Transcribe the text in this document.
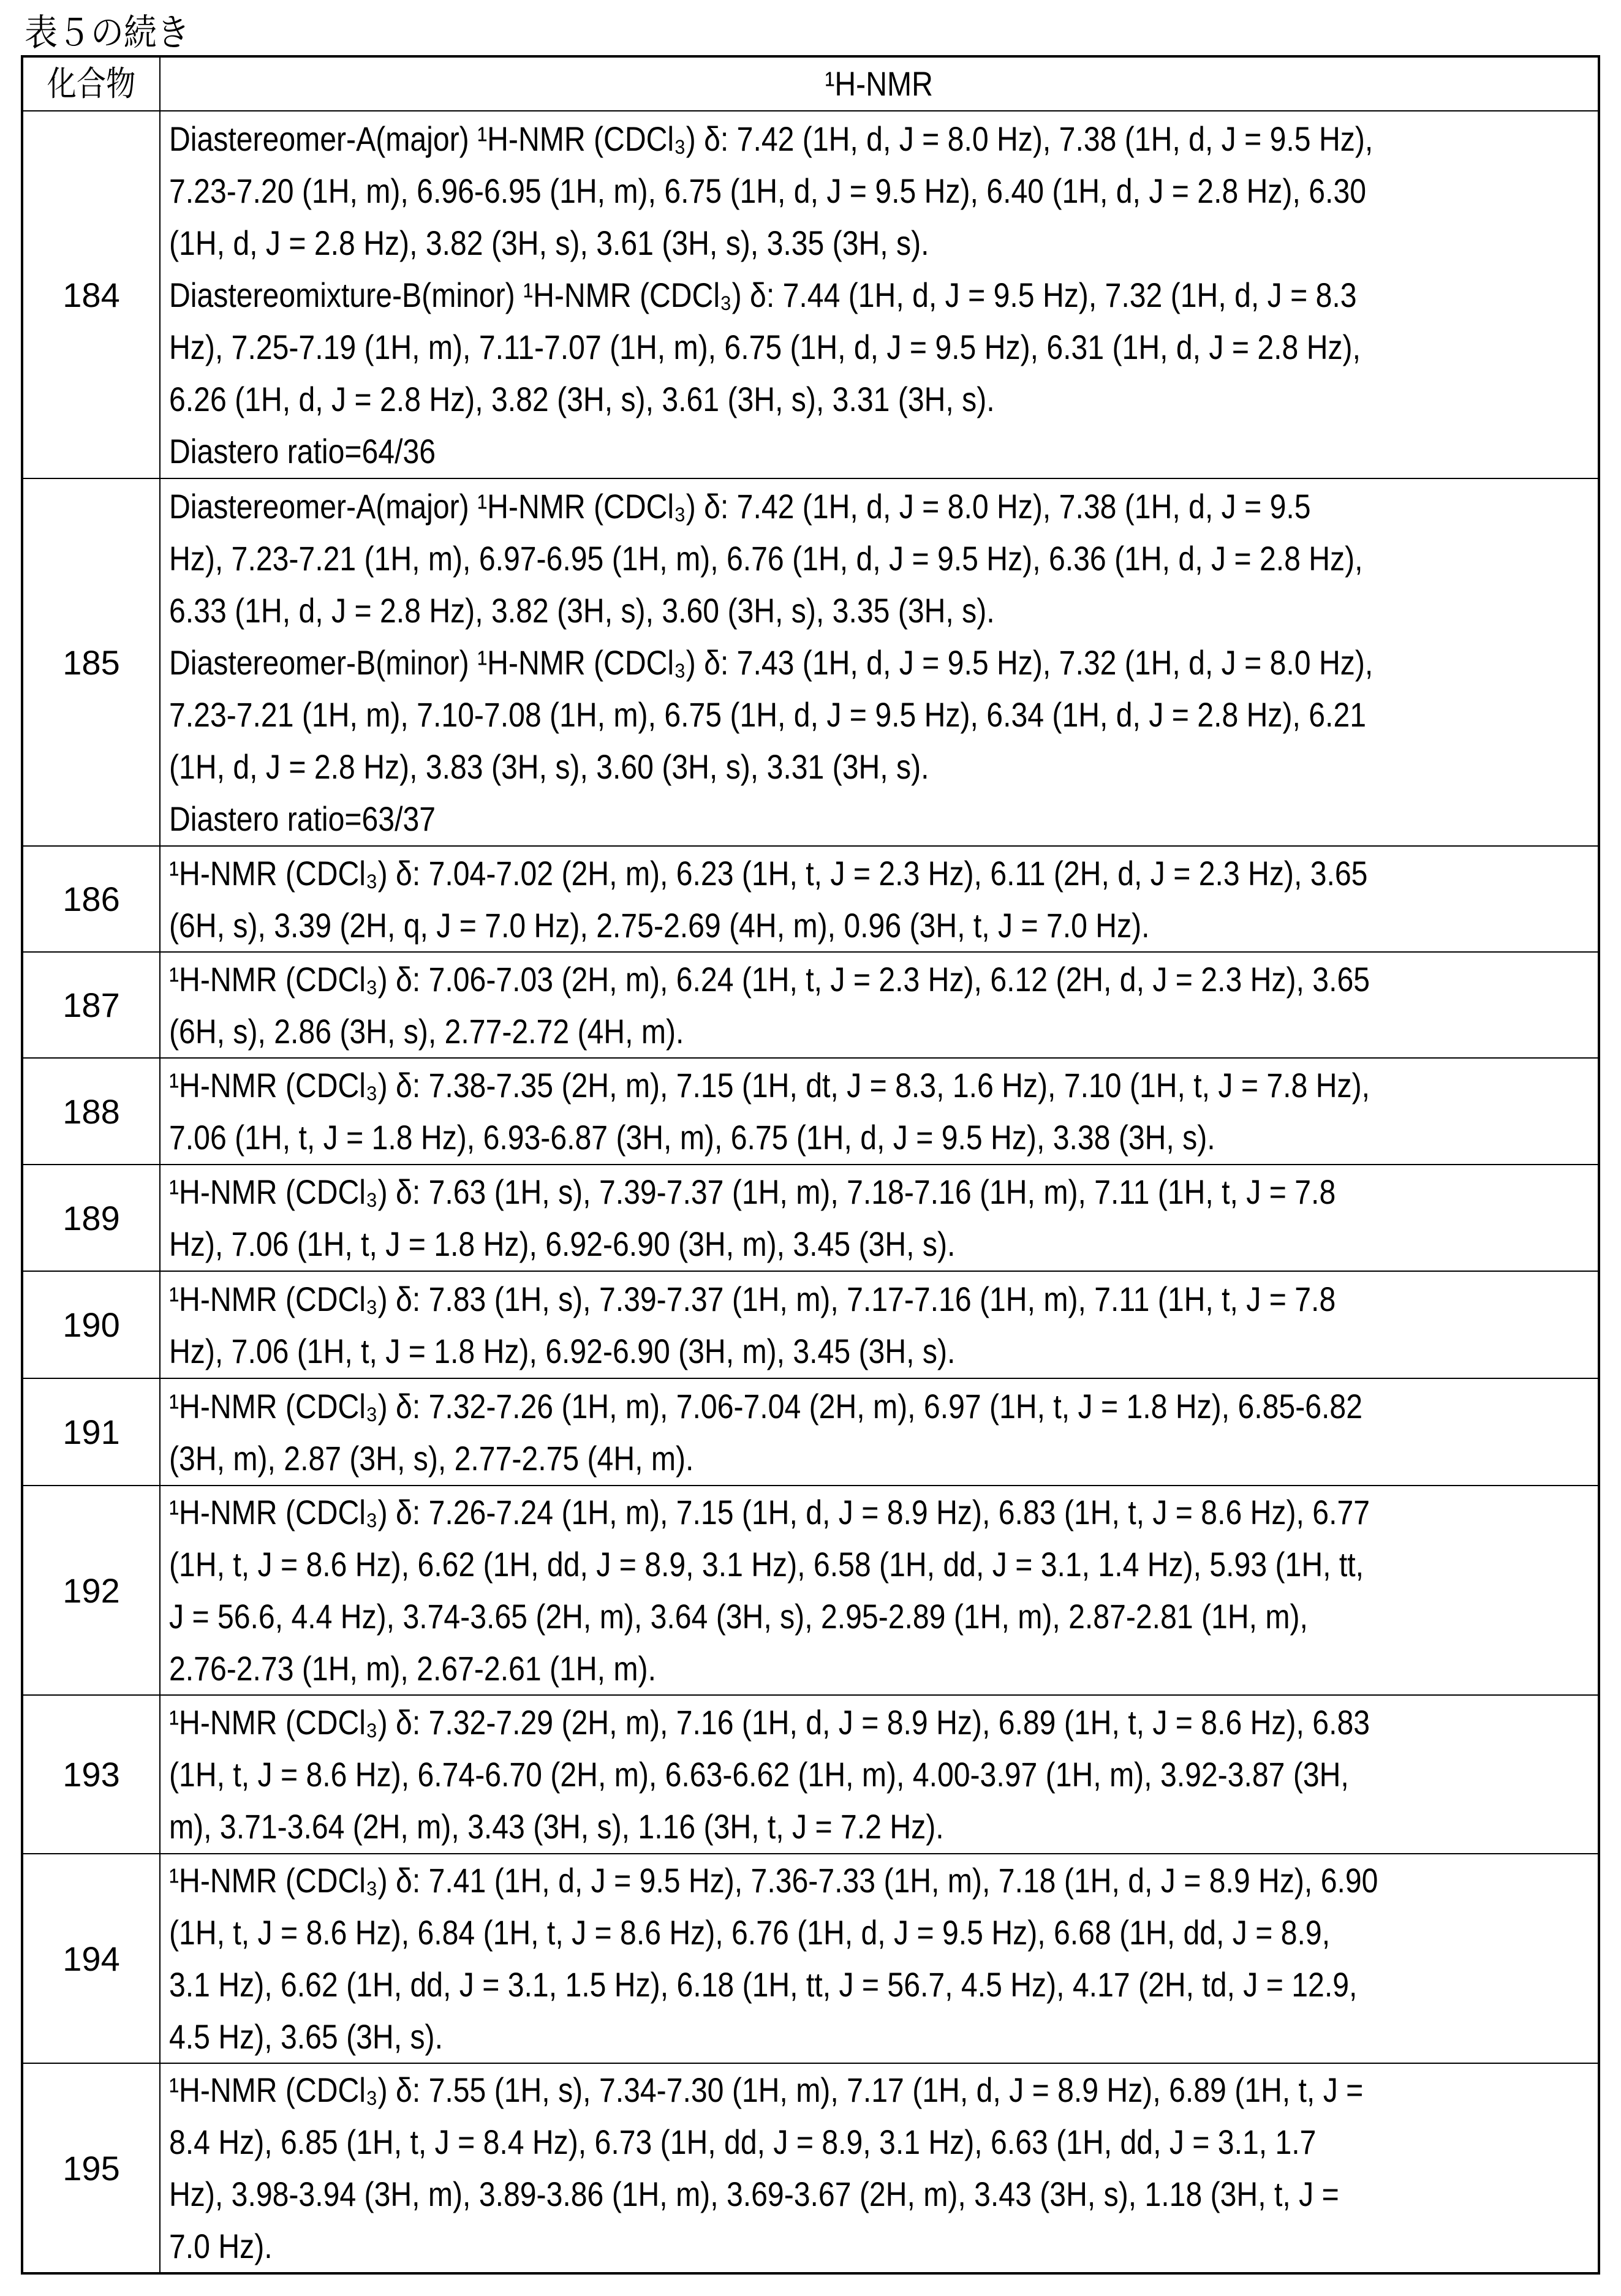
表５の続き
化合物	¹H-NMR
184	
Diastereomer-A(major) ¹H-NMR (CDCl₃) δ: 7.42 (1H, d, J = 8.0 Hz), 7.38 (1H, d, J = 9.5 Hz),
7.23-7.20 (1H, m), 6.96-6.95 (1H, m), 6.75 (1H, d, J = 9.5 Hz), 6.40 (1H, d, J = 2.8 Hz), 6.30
(1H, d, J = 2.8 Hz), 3.82 (3H, s), 3.61 (3H, s), 3.35 (3H, s).
Diastereomixture-B(minor) ¹H-NMR (CDCl₃) δ: 7.44 (1H, d, J = 9.5 Hz), 7.32 (1H, d, J = 8.3
Hz), 7.25-7.19 (1H, m), 7.11-7.07 (1H, m), 6.75 (1H, d, J = 9.5 Hz), 6.31 (1H, d, J = 2.8 Hz),
6.26 (1H, d, J = 2.8 Hz), 3.82 (3H, s), 3.61 (3H, s), 3.31 (3H, s).
Diastero ratio=64/36

185	
Diastereomer-A(major) ¹H-NMR (CDCl₃) δ: 7.42 (1H, d, J = 8.0 Hz), 7.38 (1H, d, J = 9.5
Hz), 7.23-7.21 (1H, m), 6.97-6.95 (1H, m), 6.76 (1H, d, J = 9.5 Hz), 6.36 (1H, d, J = 2.8 Hz),
6.33 (1H, d, J = 2.8 Hz), 3.82 (3H, s), 3.60 (3H, s), 3.35 (3H, s).
Diastereomer-B(minor) ¹H-NMR (CDCl₃) δ: 7.43 (1H, d, J = 9.5 Hz), 7.32 (1H, d, J = 8.0 Hz),
7.23-7.21 (1H, m), 7.10-7.08 (1H, m), 6.75 (1H, d, J = 9.5 Hz), 6.34 (1H, d, J = 2.8 Hz), 6.21
(1H, d, J = 2.8 Hz), 3.83 (3H, s), 3.60 (3H, s), 3.31 (3H, s).
Diastero ratio=63/37

186	
¹H-NMR (CDCl₃) δ: 7.04-7.02 (2H, m), 6.23 (1H, t, J = 2.3 Hz), 6.11 (2H, d, J = 2.3 Hz), 3.65
(6H, s), 3.39 (2H, q, J = 7.0 Hz), 2.75-2.69 (4H, m), 0.96 (3H, t, J = 7.0 Hz).

187	
¹H-NMR (CDCl₃) δ: 7.06-7.03 (2H, m), 6.24 (1H, t, J = 2.3 Hz), 6.12 (2H, d, J = 2.3 Hz), 3.65
(6H, s), 2.86 (3H, s), 2.77-2.72 (4H, m).

188	
¹H-NMR (CDCl₃) δ: 7.38-7.35 (2H, m), 7.15 (1H, dt, J = 8.3, 1.6 Hz), 7.10 (1H, t, J = 7.8 Hz),
7.06 (1H, t, J = 1.8 Hz), 6.93-6.87 (3H, m), 6.75 (1H, d, J = 9.5 Hz), 3.38 (3H, s).

189	
¹H-NMR (CDCl₃) δ: 7.63 (1H, s), 7.39-7.37 (1H, m), 7.18-7.16 (1H, m), 7.11 (1H, t, J = 7.8
Hz), 7.06 (1H, t, J = 1.8 Hz), 6.92-6.90 (3H, m), 3.45 (3H, s).

190	
¹H-NMR (CDCl₃) δ: 7.83 (1H, s), 7.39-7.37 (1H, m), 7.17-7.16 (1H, m), 7.11 (1H, t, J = 7.8
Hz), 7.06 (1H, t, J = 1.8 Hz), 6.92-6.90 (3H, m), 3.45 (3H, s).

191	
¹H-NMR (CDCl₃) δ: 7.32-7.26 (1H, m), 7.06-7.04 (2H, m), 6.97 (1H, t, J = 1.8 Hz), 6.85-6.82
(3H, m), 2.87 (3H, s), 2.77-2.75 (4H, m).

192	
¹H-NMR (CDCl₃) δ: 7.26-7.24 (1H, m), 7.15 (1H, d, J = 8.9 Hz), 6.83 (1H, t, J = 8.6 Hz), 6.77
(1H, t, J = 8.6 Hz), 6.62 (1H, dd, J = 8.9, 3.1 Hz), 6.58 (1H, dd, J = 3.1, 1.4 Hz), 5.93 (1H, tt,
J = 56.6, 4.4 Hz), 3.74-3.65 (2H, m), 3.64 (3H, s), 2.95-2.89 (1H, m), 2.87-2.81 (1H, m),
2.76-2.73 (1H, m), 2.67-2.61 (1H, m).

193	
¹H-NMR (CDCl₃) δ: 7.32-7.29 (2H, m), 7.16 (1H, d, J = 8.9 Hz), 6.89 (1H, t, J = 8.6 Hz), 6.83
(1H, t, J = 8.6 Hz), 6.74-6.70 (2H, m), 6.63-6.62 (1H, m), 4.00-3.97 (1H, m), 3.92-3.87 (3H,
m), 3.71-3.64 (2H, m), 3.43 (3H, s), 1.16 (3H, t, J = 7.2 Hz).

194	
¹H-NMR (CDCl₃) δ: 7.41 (1H, d, J = 9.5 Hz), 7.36-7.33 (1H, m), 7.18 (1H, d, J = 8.9 Hz), 6.90
(1H, t, J = 8.6 Hz), 6.84 (1H, t, J = 8.6 Hz), 6.76 (1H, d, J = 9.5 Hz), 6.68 (1H, dd, J = 8.9,
3.1 Hz), 6.62 (1H, dd, J = 3.1, 1.5 Hz), 6.18 (1H, tt, J = 56.7, 4.5 Hz), 4.17 (2H, td, J = 12.9,
4.5 Hz), 3.65 (3H, s).

195	
¹H-NMR (CDCl₃) δ: 7.55 (1H, s), 7.34-7.30 (1H, m), 7.17 (1H, d, J = 8.9 Hz), 6.89 (1H, t, J =
8.4 Hz), 6.85 (1H, t, J = 8.4 Hz), 6.73 (1H, dd, J = 8.9, 3.1 Hz), 6.63 (1H, dd, J = 3.1, 1.7
Hz), 3.98-3.94 (3H, m), 3.89-3.86 (1H, m), 3.69-3.67 (2H, m), 3.43 (3H, s), 1.18 (3H, t, J =
7.0 Hz).
